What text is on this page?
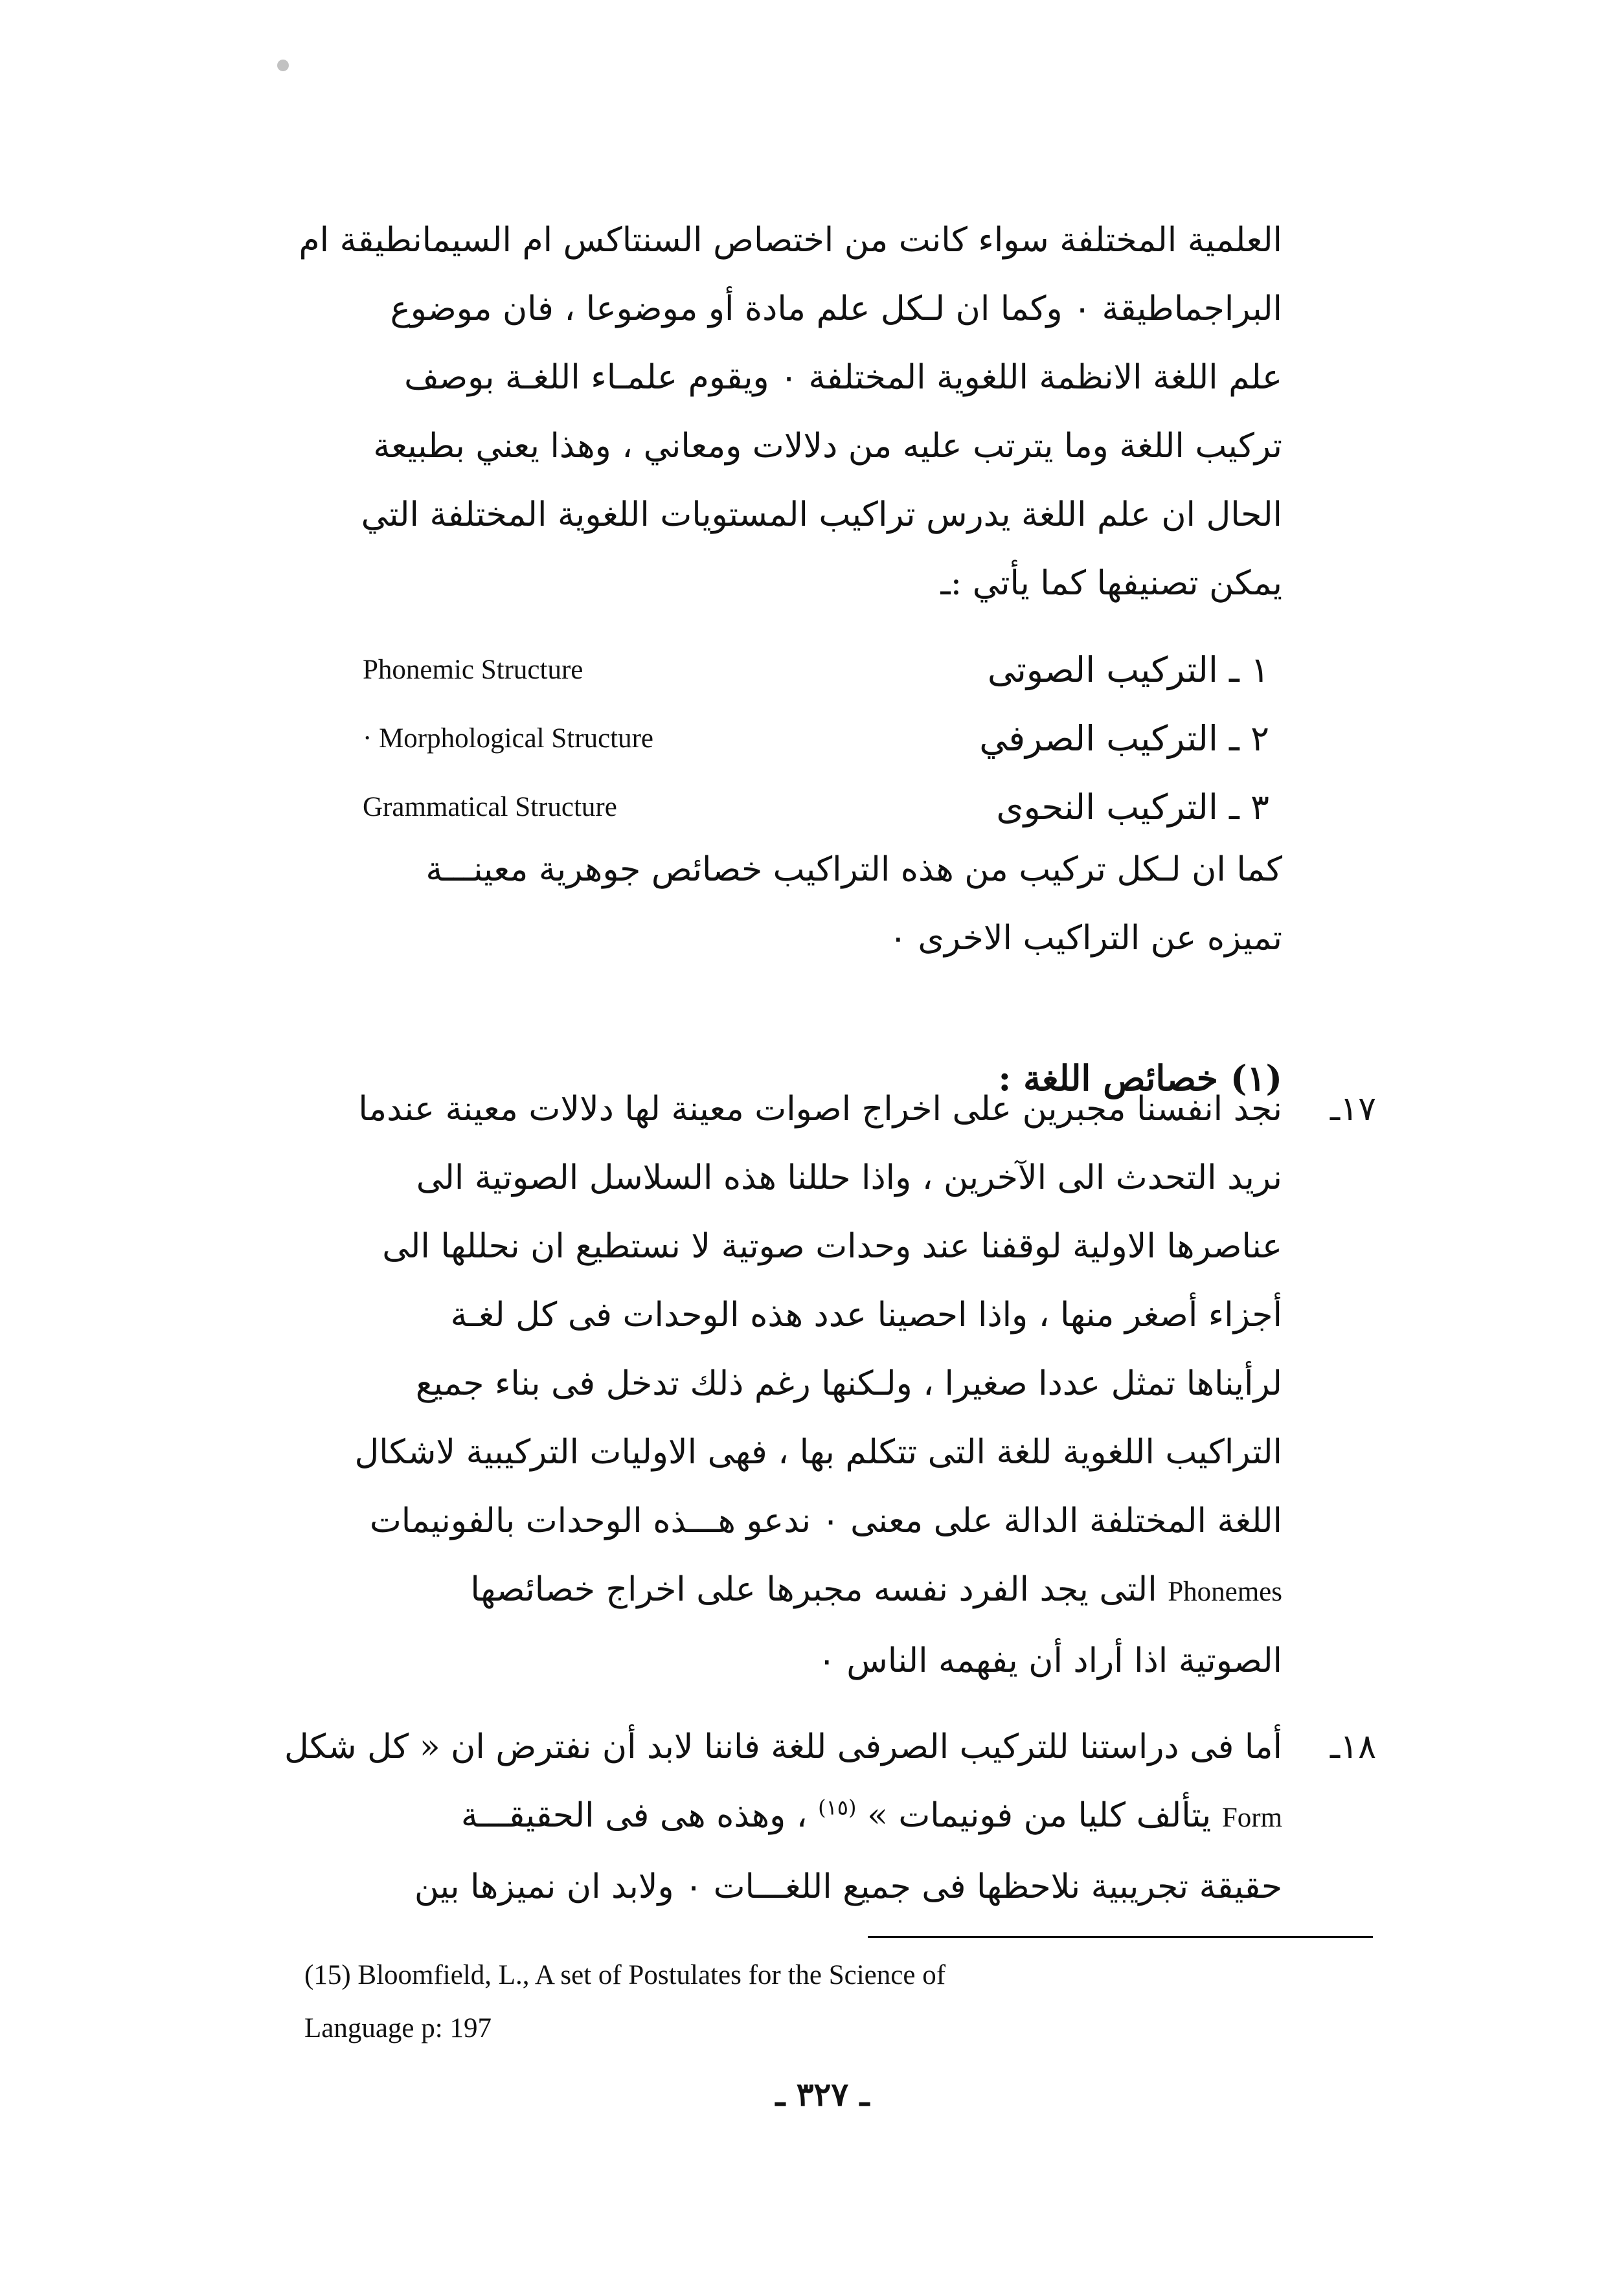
العلمية المختلفة سواء كانت من اختصاص السنتاكس ام السيمانطيقة ام
البراجماطيقة ٠ وكما ان لـكل علم مادة أو موضوعا ، فان موضوع
علم اللغة الانظمة اللغوية المختلفة ٠ ويقوم علمـاء اللغـة بوصف
تركيب اللغة وما يترتب عليه من دلالات ومعاني ، وهذا يعني بطبيعة
الحال ان علم اللغة يدرس تراكيب المستويات اللغوية المختلفة التي
يمكن تصنيفها كما يأتي :ـ
١ ـ التركيب الصوتى
Phonemic Structure
٢ ـ التركيب الصرفي
· Morphological Structure
٣ ـ التركيب النحوى
Grammatical Structure
كما ان لـكل تركيب من هذه التراكيب خصائص جوهرية معينـــة
تميزه عن التراكيب الاخرى ٠
(١) خصائص اللغة :
١٧ـ
نجد انفسنا مجبرين على اخراج اصوات معينة لها دلالات معينة عندما
نريد التحدث الى الآخرين ، واذا حللنا هذه السلاسل الصوتية الى
عناصرها الاولية لوقفنا عند وحدات صوتية لا نستطيع ان نحللها الى
أجزاء أصغر منها ، واذا احصينا عدد هذه الوحدات فى كل لغـة
لرأيناها تمثل عددا صغيرا ، ولـكنها رغم ذلك تدخل فى بناء جميع
التراكيب اللغوية للغة التى تتكلم بها ، فهى الاوليات التركيبية لاشكال
اللغة المختلفة الدالة على معنى ٠ ندعو هـــذه الوحدات بالفونيمات
Phonemes التى يجد الفرد نفسه مجبرها على اخراج خصائصها
الصوتية اذا أراد أن يفهمه الناس ٠
١٨ـ
أما فى دراستنا للتركيب الصرفى للغة فاننا لابد أن نفترض ان « كل شكل
Form يتألف كليا من فونيمات » $^{(١٥)}$ ، وهذه هى فى الحقيقـــة
حقيقة تجريبية نلاحظها فى جميع اللغـــات ٠ ولابد ان نميزها بين
(15) Bloomfield, L., A set of Postulates for the Science of
Language p: 197
ـ ٣٢٧ ـ
